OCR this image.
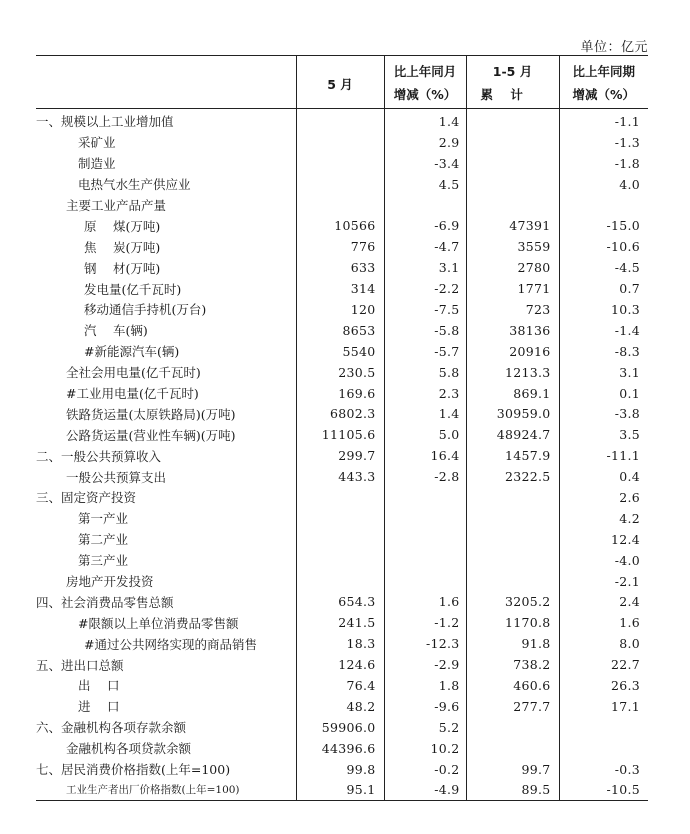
单位：亿元
	5 月	比上年同月	1-5 月	比上年同期
		增减（%）	累    计	增减（%）
一、规模以上工业增加值		1.4		-1.1
采矿业		2.9		-1.3
制造业		-3.4		-1.8
电热气水生产供应业		4.5		4.0
主要工业产品产量				
原　 煤(万吨)	10566	-6.9	47391	-15.0
焦　 炭(万吨)	776	-4.7	3559	-10.6
钢　 材(万吨)	633	3.1	2780	-4.5
发电量(亿千瓦时)	314	-2.2	1771	0.7
移动通信手持机(万台)	120	-7.5	723	10.3
汽　 车(辆)	8653	-5.8	38136	-1.4
#新能源汽车(辆)	5540	-5.7	20916	-8.3
全社会用电量(亿千瓦时)	230.5	5.8	1213.3	3.1
#工业用电量(亿千瓦时)	169.6	2.3	869.1	0.1
铁路货运量(太原铁路局)(万吨)	6802.3	1.4	30959.0	-3.8
公路货运量(营业性车辆)(万吨)	11105.6	5.0	48924.7	3.5
二、一般公共预算收入	299.7	16.4	1457.9	-11.1
一般公共预算支出	443.3	-2.8	2322.5	0.4
三、固定资产投资				2.6
第一产业				4.2
第二产业				12.4
第三产业				-4.0
房地产开发投资				-2.1
四、社会消费品零售总额	654.3	1.6	3205.2	2.4
#限额以上单位消费品零售额	241.5	-1.2	1170.8	1.6
#通过公共网络实现的商品销售	18.3	-12.3	91.8	8.0
五、进出口总额	124.6	-2.9	738.2	22.7
出　 口	76.4	1.8	460.6	26.3
进　 口	48.2	-9.6	277.7	17.1
六、金融机构各项存款余额	59906.0	5.2		
金融机构各项贷款余额	44396.6	10.2		
七、居民消费价格指数(上年=100)	99.8	-0.2	99.7	-0.3
工业生产者出厂价格指数(上年=100)	95.1	-4.9	89.5	-10.5
